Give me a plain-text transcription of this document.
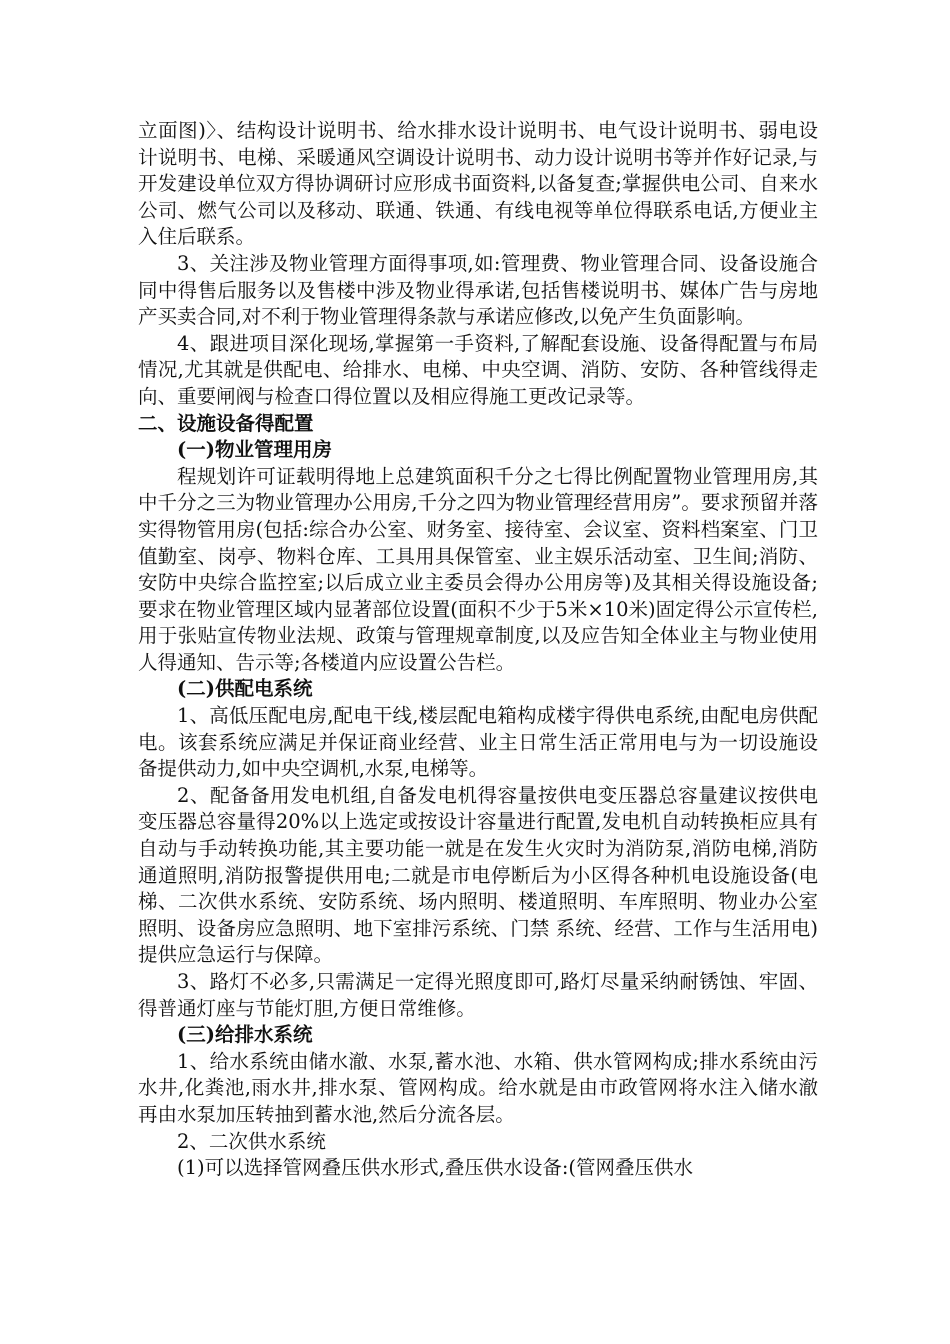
立面图)〉、结构设计说明书、给水排水设计说明书、电气设计说明书、弱电设计说明书、电梯、采暖通风空调设计说明书、动力设计说明书等并作好记录,与开发建设单位双方得协调研讨应形成书面资料,以备复查;掌握供电公司、自来水公司、燃气公司以及移动、联通、铁通、有线电视等单位得联系电话,方便业主入住后联系。

3、关注涉及物业管理方面得事项,如:管理费、物业管理合同、设备设施合同中得售后服务以及售楼中涉及物业得承诺,包括售楼说明书、媒体广告与房地产买卖合同,对不利于物业管理得条款与承诺应修改,以免产生负面影响。

4、跟进项目深化现场,掌握第一手资料,了解配套设施、设备得配置与布局情况,尤其就是供配电、给排水、电梯、中央空调、消防、安防、各种管线得走向、重要闸阀与检查口得位置以及相应得施工更改记录等。

二、设施设备得配置

(一)物业管理用房

程规划许可证载明得地上总建筑面积千分之七得比例配置物业管理用房,其中千分之三为物业管理办公用房,千分之四为物业管理经营用房”。要求预留并落实得物管用房(包括:综合办公室、财务室、接待室、会议室、资料档案室、门卫值勤室、岗亭、物料仓库、工具用具保管室、业主娱乐活动室、卫生间;消防、安防中央综合监控室;以后成立业主委员会得办公用房等)及其相关得设施设备;要求在物业管理区域内显著部位设置(面积不少于5米×10米)固定得公示宣传栏,用于张贴宣传物业法规、政策与管理规章制度,以及应告知全体业主与物业使用人得通知、告示等;各楼道内应设置公告栏。

(二)供配电系统

1、高低压配电房,配电干线,楼层配电箱构成楼宇得供电系统,由配电房供配电。该套系统应满足并保证商业经营、业主日常生活正常用电与为一切设施设备提供动力,如中央空调机,水泵,电梯等。

2、配备备用发电机组,自备发电机得容量按供电变压器总容量建议按供电变压器总容量得20%以上选定或按设计容量进行配置,发电机自动转换柜应具有自动与手动转换功能,其主要功能一就是在发生火灾时为消防泵,消防电梯,消防通道照明,消防报警提供用电;二就是市电停断后为小区得各种机电设施设备(电梯、二次供水系统、安防系统、场内照明、楼道照明、车库照明、物业办公室照明、设备房应急照明、地下室排污系统、门禁 系统、经营、工作与生活用电)提供应急运行与保障。

3、路灯不必多,只需满足一定得光照度即可,路灯尽量采纳耐锈蚀、牢固、得普通灯座与节能灯胆,方便日常维修。

(三)给排水系统

1、给水系统由储水澈、水泵,蓄水池、水箱、供水管网构成;排水系统由污水井,化粪池,雨水井,排水泵、管网构成。给水就是由市政管网将水注入储水澈再由水泵加压转抽到蓄水池,然后分流各层。

2、二次供水系统

(1)可以选择管网叠压供水形式,叠压供水设备:(管网叠压供水
